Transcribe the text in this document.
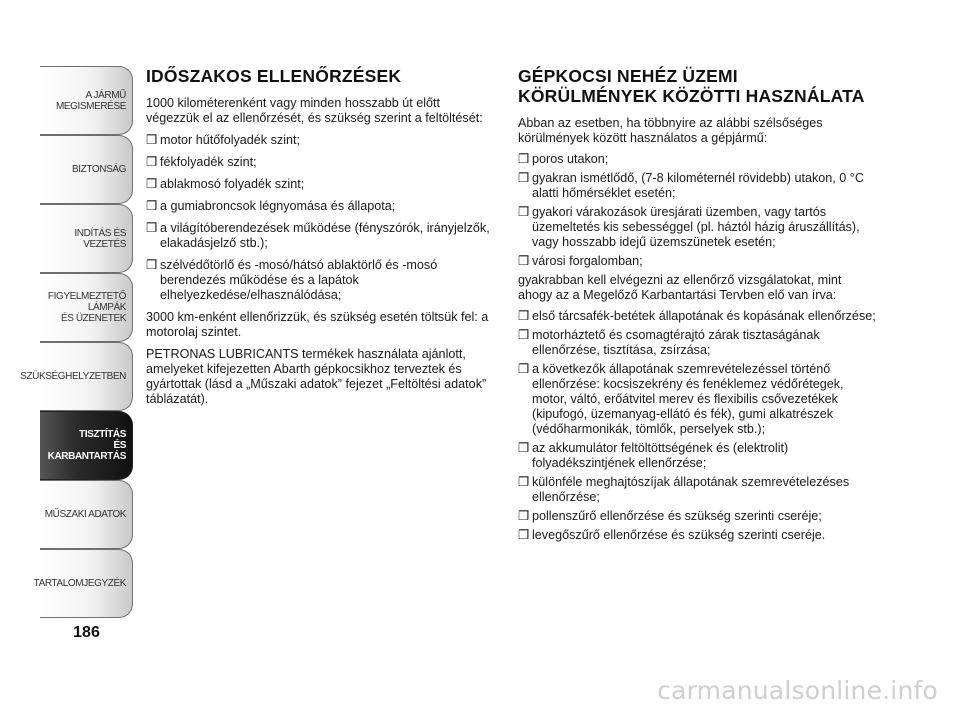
A JÁRMŰ
MEGISMERÉSE
BIZTONSÁG
INDÍTÁS ÉS VEZETÉS
FIGYELMEZTETŐ
LÁMPÁK
ÉS ÜZENETEK
SZÜKSÉGHELYZETBEN
TISZTÍTÁS
ÉS KARBANTARTÁS
MŰSZAKI ADATOK
TARTALOMJEGYZÉK
186
IDŐSZAKOS ELLENŐRZÉSEK

1000 kilométerenként vagy minden hosszabb út előtt végezzük el az ellenőrzését, és szükség szerint a feltöltését:

❒ motor hűtőfolyadék szint;
❒ fékfolyadék szint;
❒ ablakmosó folyadék szint;
❒ a gumiabroncsok légnyomása és állapota;
❒ a világítóberendezések működése (fényszórók, irányjelzők, elakadásjelző stb.);
❒ szélvédőtörlő és -mosó/hátsó ablaktörlő és -mosó berendezés működése és a lapátok elhelyezkedése/elhasználódása;

3000 km-enként ellenőrizzük, és szükség esetén töltsük fel: a motorolaj szintet.

PETRONAS LUBRICANTS termékek használata ajánlott, amelyeket kifejezetten Abarth gépkocsikhoz terveztek és gyártottak (lásd a „Műszaki adatok” fejezet „Feltöltési adatok” táblázatát).

GÉPKOCSI NEHÉZ ÜZEMI KÖRÜLMÉNYEK KÖZÖTTI HASZNÁLATA

Abban az esetben, ha többnyire az alábbi szélsőséges körülmények között használatos a gépjármű:

❒ poros utakon;
❒ gyakran ismétlődő, (7-8 kilométernél rövidebb) utakon, 0 °C alatti hőmérséklet esetén;
❒ gyakori várakozások üresjárati üzemben, vagy tartós üzemeltetés kis sebességgel (pl. háztól házig áruszállítás), vagy hosszabb idejű üzemszünetek esetén;
❒ városi forgalomban;

gyakrabban kell elvégezni az ellenőrző vizsgálatokat, mint ahogy az a Megelőző Karbantartási Tervben elő van írva:

❒ első tárcsafék-betétek állapotának és kopásának ellenőrzése;
❒ motorháztető és csomagtérajtó zárak tisztaságának ellenőrzése, tisztítása, zsírzása;
❒ a következők állapotának szemrevételezéssel történő ellenőrzése: kocsiszekrény és fenéklemez védőrétegek, motor, váltó, erőátvitel merev és flexibilis csővezetékek (kipufogó, üzemanyag-ellátó és fék), gumi alkatrészek (védőharmonikák, tömlők, perselyek stb.);
❒ az akkumulátor feltöltöttségének és (elektrolit) folyadékszintjének ellenőrzése;
❒ különféle meghajtószíjak állapotának szemrevételezéses ellenőrzése;
❒ pollenszűrő ellenőrzése és szükség szerinti cseréje;
❒ levegőszűrő ellenőrzése és szükség szerinti cseréje.
carmanualsonline.info
